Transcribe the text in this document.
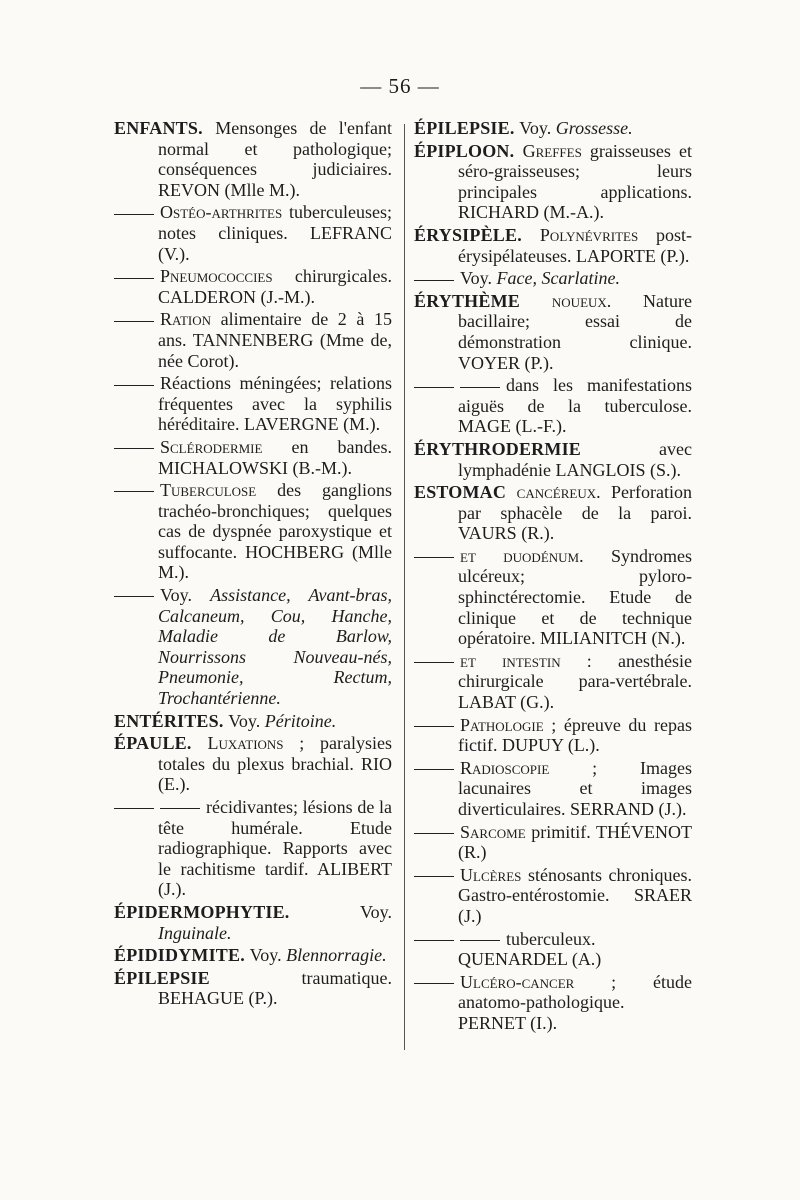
— 56 —
ENFANTS. Mensonges de l'enfant normal et pathologique; conséquences judiciaires. REVON (Mlle M.).
Ostéo-arthrites tuberculeuses; notes cliniques. LEFRANC (V.).
Pneumococcies chirurgicales. CALDERON (J.-M.).
Ration alimentaire de 2 à 15 ans. TANNENBERG (Mme de, née Corot).
Réactions méningées; relations fréquentes avec la syphilis héréditaire. LAVERGNE (M.).
Sclérodermie en bandes. MICHALOWSKI (B.-M.).
Tuberculose des ganglions trachéo-bronchiques; quelques cas de dyspnée paroxystique et suffocante. HOCHBERG (Mlle M.).
Voy. Assistance, Avant-bras, Calcaneum, Cou, Hanche, Maladie de Barlow, Nourrissons Nouveau-nés, Pneumonie, Rectum, Trochantérienne.
ENTÉRITES. Voy. Péritoine.
ÉPAULE. Luxations ; paralysies totales du plexus brachial. RIO (E.).
récidivantes; lésions de la tête humérale. Etude radiographique. Rapports avec le rachitisme tardif. ALIBERT (J.).
ÉPIDERMOPHYTIE. Voy. Inguinale.
ÉPIDIDYMITE. Voy. Blennorragie.
ÉPILEPSIE traumatique. BEHAGUE (P.).
ÉPILEPSIE. Voy. Grossesse.
ÉPIPLOON. Greffes graisseuses et séro-graisseuses; leurs principales applications. RICHARD (M.-A.).
ÉRYSIPÈLE. Polynévrites post-érysipélateuses. LAPORTE (P.).
Voy. Face, Scarlatine.
ÉRYTHÈME noueux. Nature bacillaire; essai de démonstration clinique. VOYER (P.).
dans les manifestations aiguës de la tuberculose. MAGE (L.-F.).
ÉRYTHRODERMIE avec lymphadénie LANGLOIS (S.).
ESTOMAC cancéreux. Perforation par sphacèle de la paroi. VAURS (R.).
et duodénum. Syndromes ulcéreux; pyloro-sphinctérectomie. Etude de clinique et de technique opératoire. MILIANITCH (N.).
et intestin : anesthésie chirurgicale para-vertébrale. LABAT (G.).
Pathologie ; épreuve du repas fictif. DUPUY (L.).
Radioscopie ; Images lacunaires et images diverticulaires. SERRAND (J.).
Sarcome primitif. THÉVENOT (R.)
Ulcères sténosants chroniques. Gastro-entérostomie. SRAER (J.)
tuberculeux. QUENARDEL (A.)
Ulcéro-cancer ; étude anatomo-pathologique. PERNET (I.).
